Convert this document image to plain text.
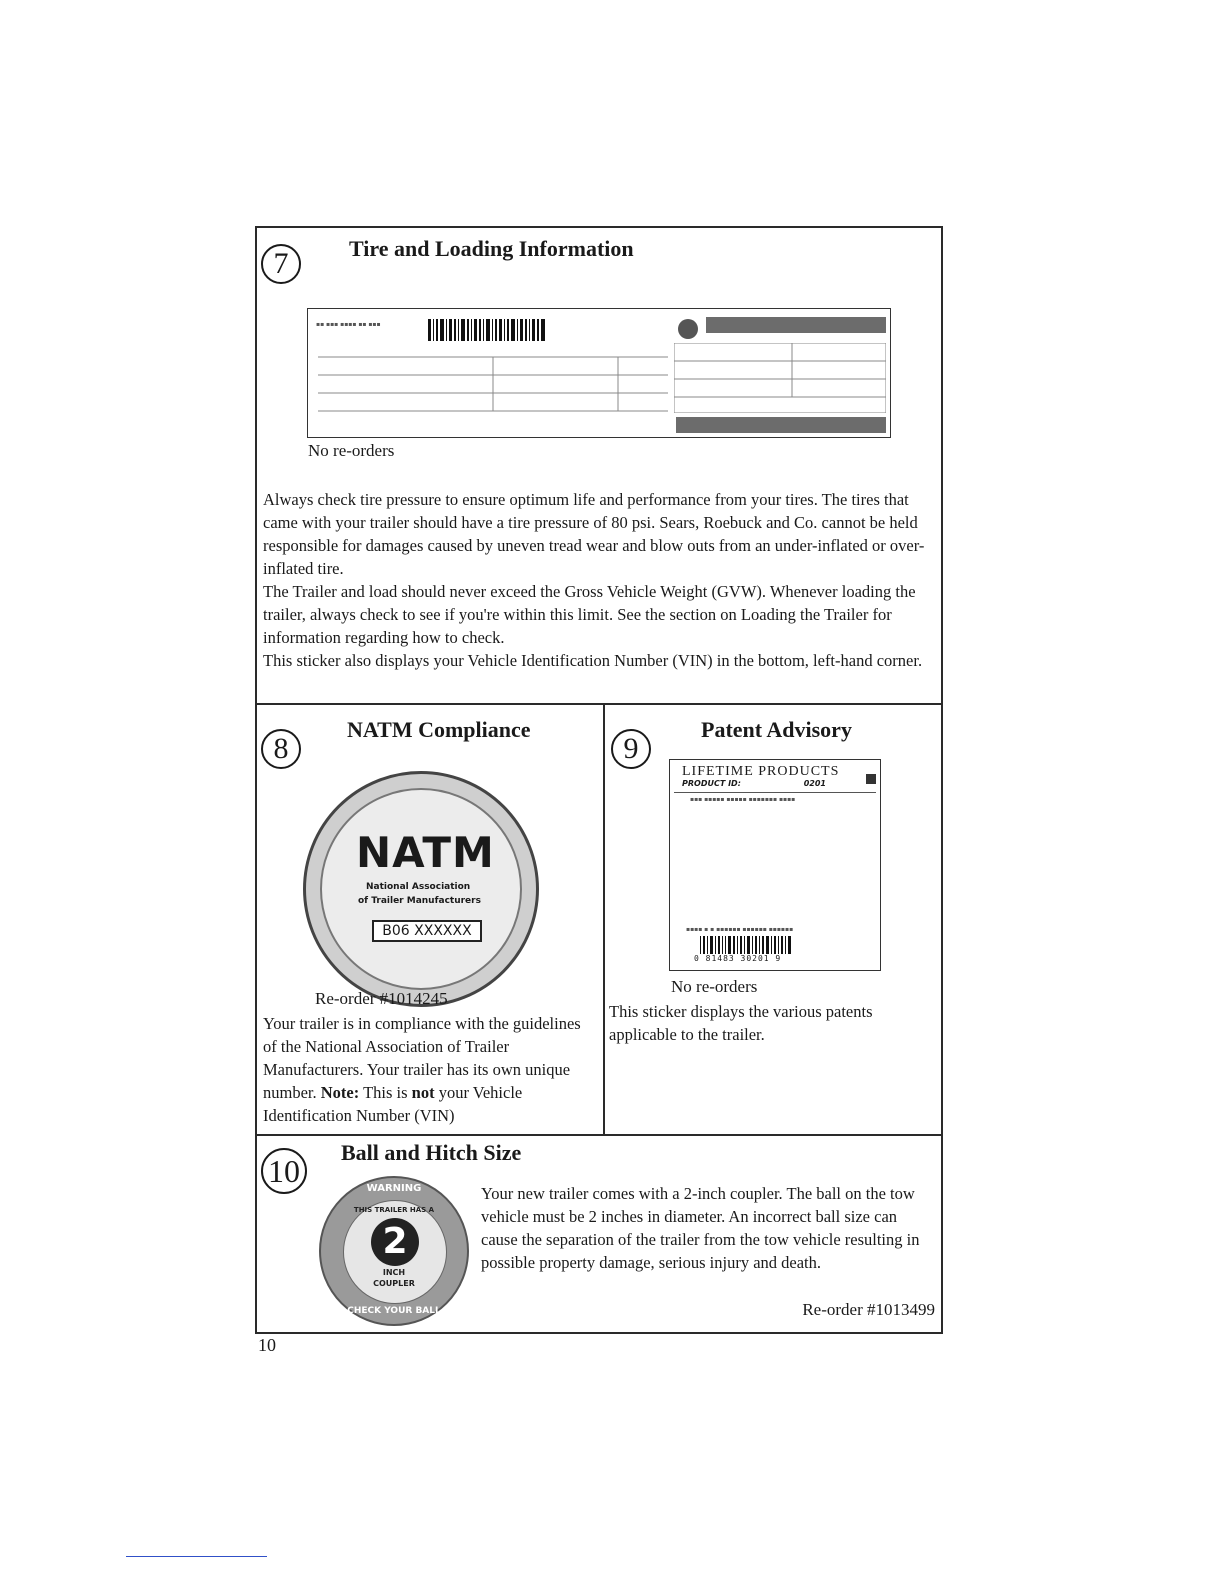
7	Tire and Loading Information
▪▪ ▪▪▪ ▪▪▪▪ ▪▪ ▪▪▪
No re-orders

Always check tire pressure to ensure optimum life and performance from your tires. The tires that came with your trailer should have a tire pressure of 80 psi. Sears, Roebuck and Co. cannot be held responsible for damages caused by uneven tread wear and blow outs from an under-inflated or over-inflated tire.

The Trailer and load should never exceed the Gross Vehicle Weight (GVW). Whenever loading the trailer, always check to see if you're within this limit. See the section on Loading the Trailer for information regarding how to check.

This sticker also displays your Vehicle Identification Number (VIN) in the bottom, left-hand corner.

8
NATM Compliance
NATM
National Association
of Trailer Manufacturers
B06 XXXXXX
Re-order #1014245
Your trailer is in compliance with the guidelines of the National Association of Trailer Manufacturers. Your trailer has its own unique number. Note: This is not your Vehicle Identification Number (VIN)
9
Patent Advisory
LIFETIME PRODUCTS
PRODUCT ID:	0201
▪▪▪ ▪▪▪▪▪ ▪▪▪▪▪ ▪▪▪▪▪▪▪ ▪▪▪▪
▪▪▪▪ ▪ ▪ ▪▪▪▪▪▪ ▪▪▪▪▪▪ ▪▪▪▪▪▪
0 81483 30201 9
No re-orders
This sticker displays the various patents applicable to the trailer.
10 Ball and Hitch Size
WARNING
THIS TRAILER HAS A
2
INCH
COUPLER
CHECK YOUR BALL
Your new trailer comes with a 2-inch coupler. The ball on the tow vehicle must be 2 inches in diameter. An incorrect ball size can cause the separation of the trailer from the tow vehicle resulting in possible property damage, serious injury and death.
Re-order #1013499
10
